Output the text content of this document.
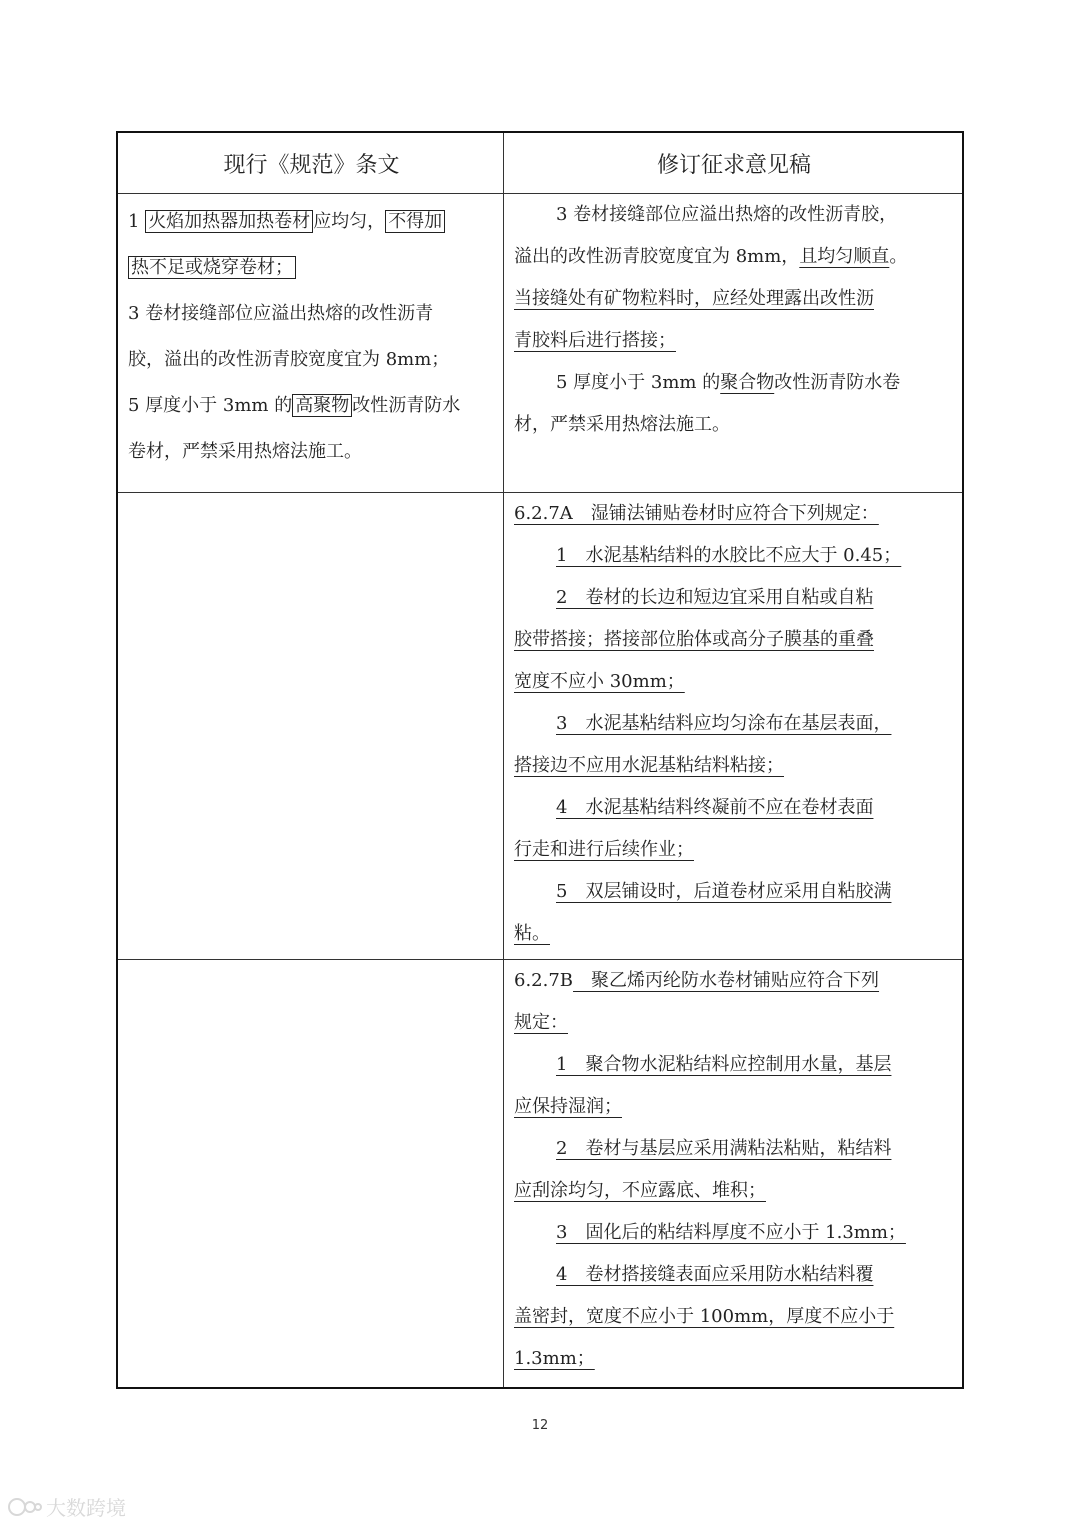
现行《规范》条文	修订征求意见稿

1 火焰加热器加热卷材 应均匀， 不得加

热不足或烧穿卷材；

3 卷材接缝部位应溢出热熔的改性沥青

胶，溢出的改性沥青胶宽度宜为 8mm；

5 厚度小于 3mm 的 高聚物 改性沥青防水

卷材，严禁采用热熔法施工。

3 卷材接缝部位应溢出热熔的改性沥青胶，

溢出的改性沥青胶宽度宜为 8mm，且均匀顺直。

当接缝处有矿物粒料时，应经处理露出改性沥

青胶料后进行搭接；

5 厚度小于 3mm 的聚合物改性沥青防水卷

材，严禁采用热熔法施工。

6.2.7A　湿铺法铺贴卷材时应符合下列规定：

1　水泥基粘结料的水胶比不应大于 0.45；

2　卷材的长边和短边宜采用自粘或自粘

胶带搭接；搭接部位胎体或高分子膜基的重叠

宽度不应小 30mm；

3　水泥基粘结料应均匀涂布在基层表面，

搭接边不应用水泥基粘结料粘接；

4　水泥基粘结料终凝前不应在卷材表面

行走和进行后续作业；

5　双层铺设时，后道卷材应采用自粘胶满

粘。

6.2.7B　聚乙烯丙纶防水卷材铺贴应符合下列

规定：

1　聚合物水泥粘结料应控制用水量，基层

应保持湿润；

2　卷材与基层应采用满粘法粘贴，粘结料

应刮涂均匀，不应露底、堆积；

3　固化后的粘结料厚度不应小于 1.3mm；

4　卷材搭接缝表面应采用防水粘结料覆

盖密封，宽度不应小于 100mm，厚度不应小于

1.3mm；

12
大数跨境
